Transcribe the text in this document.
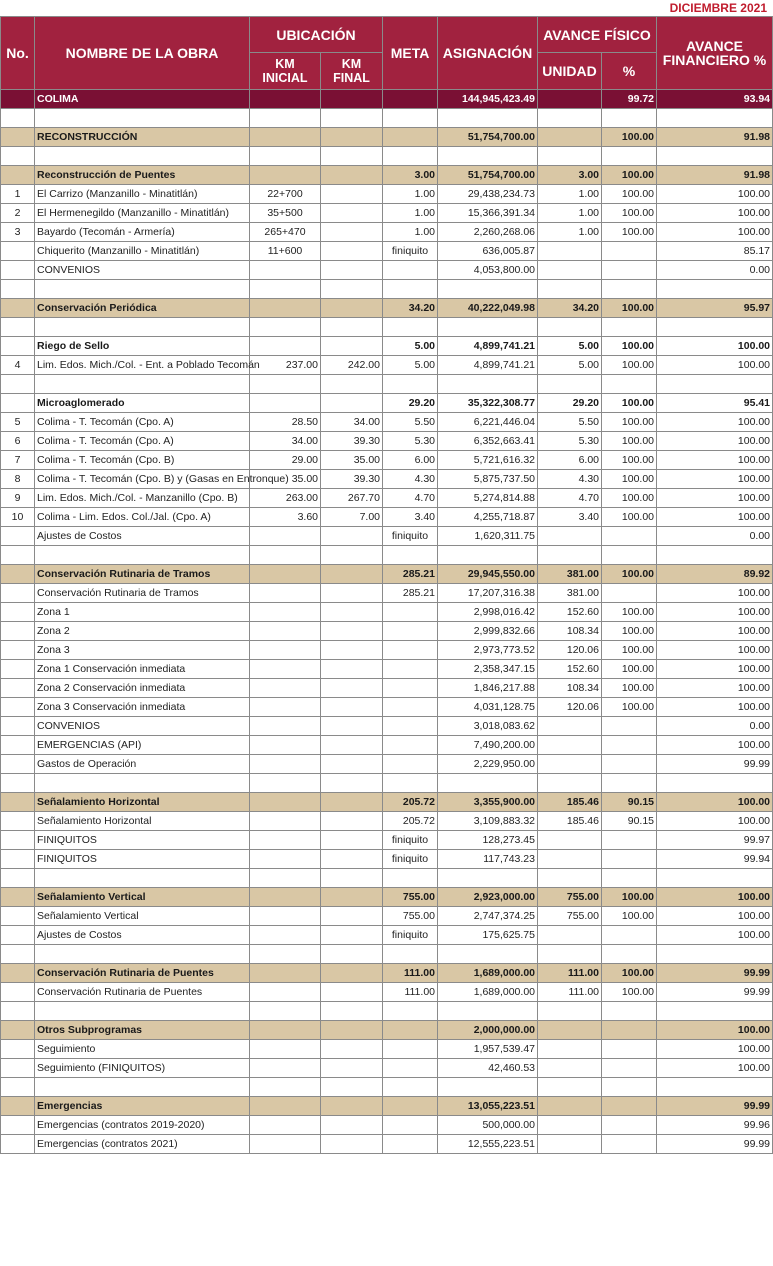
DICIEMBRE 2021
No.	NOMBRE DE LA OBRA	UBICACIÓN		META	ASIGNACIÓN	AVANCE FÍSICO		AVANCE FINANCIERO %
		KM INICIAL	KM FINAL			UNIDAD	%	
	COLIMA				144,945,423.49		99.72	93.94

	RECONSTRUCCIÓN				51,754,700.00		100.00	91.98

	Reconstrucción de Puentes			3.00	51,754,700.00	3.00	100.00	91.98
1	El Carrizo (Manzanillo - Minatitlán)	22+700		1.00	29,438,234.73	1.00	100.00	100.00
2	El Hermenegildo (Manzanillo - Minatitlán)	35+500		1.00	15,366,391.34	1.00	100.00	100.00
3	Bayardo (Tecomán - Armería)	265+470		1.00	2,260,268.06	1.00	100.00	100.00
	Chiquerito (Manzanillo - Minatitlán)	11+600		finiquito	636,005.87			85.17
	CONVENIOS				4,053,800.00			0.00

	Conservación Periódica			34.20	40,222,049.98	34.20	100.00	95.97

	Riego de Sello			5.00	4,899,741.21	5.00	100.00	100.00
4	Lim. Edos. Mich./Col. - Ent. a Poblado Tecomán	237.00	242.00	5.00	4,899,741.21	5.00	100.00	100.00

	Microaglomerado			29.20	35,322,308.77	29.20	100.00	95.41
5	Colima - T. Tecomán (Cpo. A)	28.50	34.00	5.50	6,221,446.04	5.50	100.00	100.00
6	Colima - T. Tecomán (Cpo. A)	34.00	39.30	5.30	6,352,663.41	5.30	100.00	100.00
7	Colima - T. Tecomán (Cpo. B)	29.00	35.00	6.00	5,721,616.32	6.00	100.00	100.00
8	Colima - T. Tecomán (Cpo. B) y (Gasas en Entronque)	35.00	39.30	4.30	5,875,737.50	4.30	100.00	100.00
9	Lim. Edos. Mich./Col. - Manzanillo (Cpo. B)	263.00	267.70	4.70	5,274,814.88	4.70	100.00	100.00
10	Colima - Lim. Edos. Col./Jal. (Cpo. A)	3.60	7.00	3.40	4,255,718.87	3.40	100.00	100.00
	Ajustes de Costos			finiquito	1,620,311.75			0.00

	Conservación Rutinaria de Tramos			285.21	29,945,550.00	381.00	100.00	89.92
	Conservación Rutinaria de Tramos			285.21	17,207,316.38	381.00		100.00
	Zona 1				2,998,016.42	152.60	100.00	100.00
	Zona 2				2,999,832.66	108.34	100.00	100.00
	Zona 3				2,973,773.52	120.06	100.00	100.00
	Zona 1 Conservación inmediata				2,358,347.15	152.60	100.00	100.00
	Zona 2 Conservación inmediata				1,846,217.88	108.34	100.00	100.00
	Zona 3 Conservación inmediata				4,031,128.75	120.06	100.00	100.00
	CONVENIOS				3,018,083.62			0.00
	EMERGENCIAS (API)				7,490,200.00			100.00
	Gastos de Operación				2,229,950.00			99.99

	Señalamiento Horizontal			205.72	3,355,900.00	185.46	90.15	100.00
	Señalamiento Horizontal			205.72	3,109,883.32	185.46	90.15	100.00
	FINIQUITOS			finiquito	128,273.45			99.97
	FINIQUITOS			finiquito	117,743.23			99.94

	Señalamiento Vertical			755.00	2,923,000.00	755.00	100.00	100.00
	Señalamiento Vertical			755.00	2,747,374.25	755.00	100.00	100.00
	Ajustes de Costos			finiquito	175,625.75			100.00

	Conservación Rutinaria de Puentes			111.00	1,689,000.00	111.00	100.00	99.99
	Conservación Rutinaria de Puentes			111.00	1,689,000.00	111.00	100.00	99.99

	Otros Subprogramas				2,000,000.00			100.00
	Seguimiento				1,957,539.47			100.00
	Seguimiento (FINIQUITOS)				42,460.53			100.00

	Emergencias				13,055,223.51			99.99
	Emergencias (contratos 2019-2020)				500,000.00			99.96
	Emergencias (contratos 2021)				12,555,223.51			99.99
